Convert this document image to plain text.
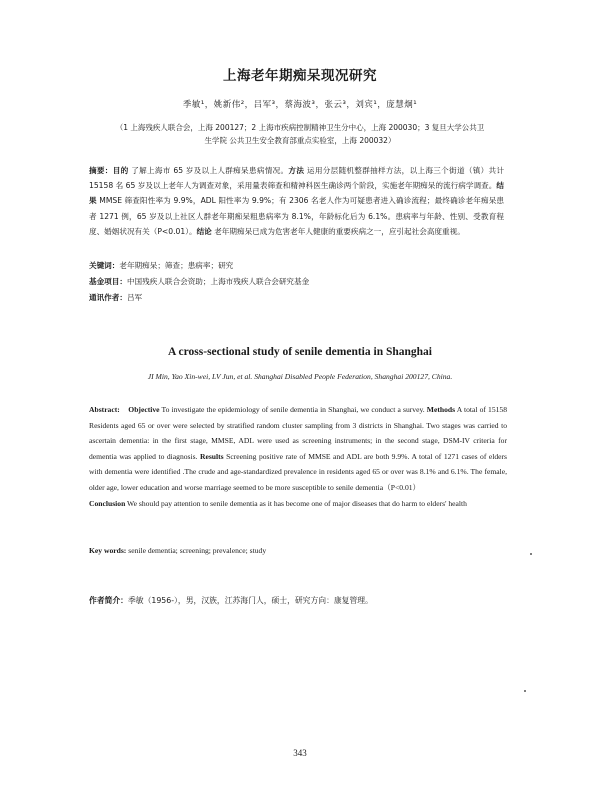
上海老年期痴呆现况研究
季敏¹，姚新伟²，吕军³，蔡海波³，张云³，刘宾¹，庞慧炯¹
（1 上海残疾人联合会，上海 200127；2 上海市疾病控制精神卫生分中心，上海 200030；3 复旦大学公共卫
生学院 公共卫生安全教育部重点实验室，上海 200032）
摘要：目的 了解上海市 65 岁及以上人群痴呆患病情况。方法 运用分层随机整群抽样方法，以上海三个街道（镇）共计 15158 名 65 岁及以上老年人为调查对象，采用量表筛查和精神科医生确诊两个阶段，实施老年期痴呆的流行病学调查。结果 MMSE 筛查阳性率为 9.9%，ADL 阳性率为 9.9%；有 2306 名老人作为可疑患者进入确诊流程；最终确诊老年痴呆患者 1271 例，65 岁及以上社区人群老年期痴呆粗患病率为 8.1%，年龄标化后为 6.1%。患病率与年龄、性别、受教育程度、婚姻状况有关（P<0.01）。结论 老年期痴呆已成为危害老年人健康的重要疾病之一，应引起社会高度重视。
关键词：老年期痴呆；筛查；患病率；研究
基金项目：中国残疾人联合会资助；上海市残疾人联合会研究基金
通讯作者：吕军
A cross-sectional study of senile dementia in Shanghai
JI Min, Yao Xin-wei, LV Jun, et al. Shanghai Disabled People Federation, Shanghai 200127, China.
Abstract: Objective To investigate the epidemiology of senile dementia in Shanghai, we conduct a survey. Methods A total of 15158 Residents aged 65 or over were selected by stratified random cluster sampling from 3 districts in Shanghai. Two stages was carried to ascertain dementia: in the first stage, MMSE, ADL were used as screening instruments; in the second stage, DSM-IV criteria for dementia was applied to diagnosis. Results Screening positive rate of MMSE and ADL are both 9.9%. A total of 1271 cases of elders with dementia were identified .The crude and age-standardized prevalence in residents aged 65 or over was 8.1% and 6.1%. The female, older age, lower education and worse marriage seemed to be more susceptible to senile dementia（P<0.01）
Conclusion We should pay attention to senile dementia as it has become one of major diseases that do harm to elders' health
Key words: senile dementia; screening; prevalence; study
作者简介：季敏（1956-），男，汉族，江苏海门人，硕士，研究方向：康复管理。
343
